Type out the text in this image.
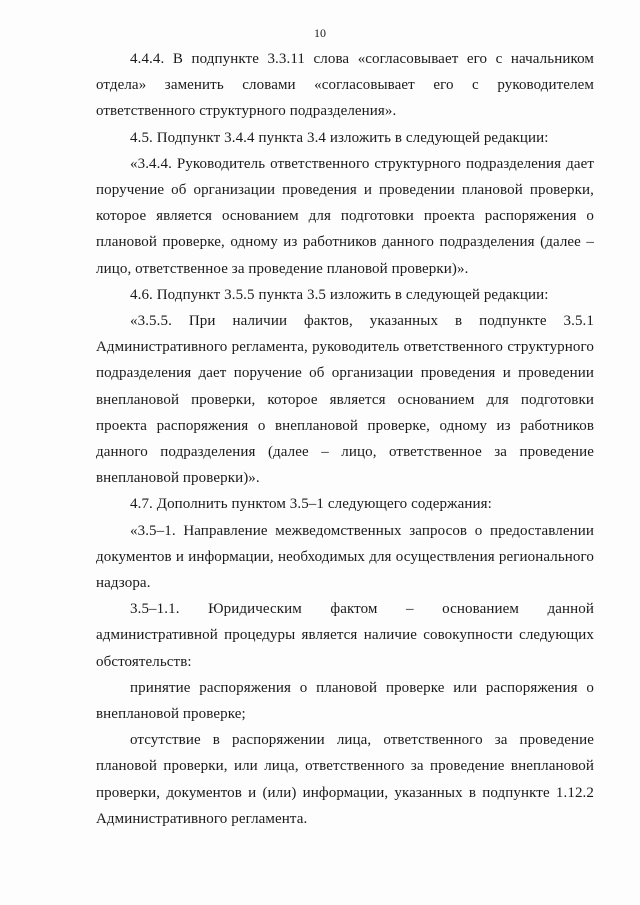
10

4.4.4. В подпункте 3.3.11 слова «согласовывает его с начальником отдела» заменить словами «согласовывает его с руководителем ответственного структурного подразделения».

4.5. Подпункт 3.4.4 пункта 3.4 изложить в следующей редакции:

«3.4.4. Руководитель ответственного структурного подразделения дает поручение об организации проведения и проведении плановой проверки, которое является основанием для подготовки проекта распоряжения о плановой проверке, одному из работников данного подразделения (далее – лицо, ответственное за проведение плановой проверки)».

4.6. Подпункт 3.5.5 пункта 3.5 изложить в следующей редакции:

«3.5.5. При наличии фактов, указанных в подпункте 3.5.1 Административного регламента, руководитель ответственного структурного подразделения дает поручение об организации проведения и проведении внеплановой проверки, которое является основанием для подготовки проекта распоряжения о внеплановой проверке, одному из работников данного подразделения (далее – лицо, ответственное за проведение внеплановой проверки)».

4.7. Дополнить пунктом 3.5–1 следующего содержания:

«3.5–1. Направление межведомственных запросов о предоставлении документов и информации, необходимых для осуществления регионального надзора.

3.5–1.1. Юридическим фактом – основанием данной административной процедуры является наличие совокупности следующих обстоятельств:

принятие распоряжения о плановой проверке или распоряжения о внеплановой проверке;

отсутствие в распоряжении лица, ответственного за проведение плановой проверки, или лица, ответственного за проведение внеплановой проверки, документов и (или) информации, указанных в подпункте 1.12.2 Административного регламента.
